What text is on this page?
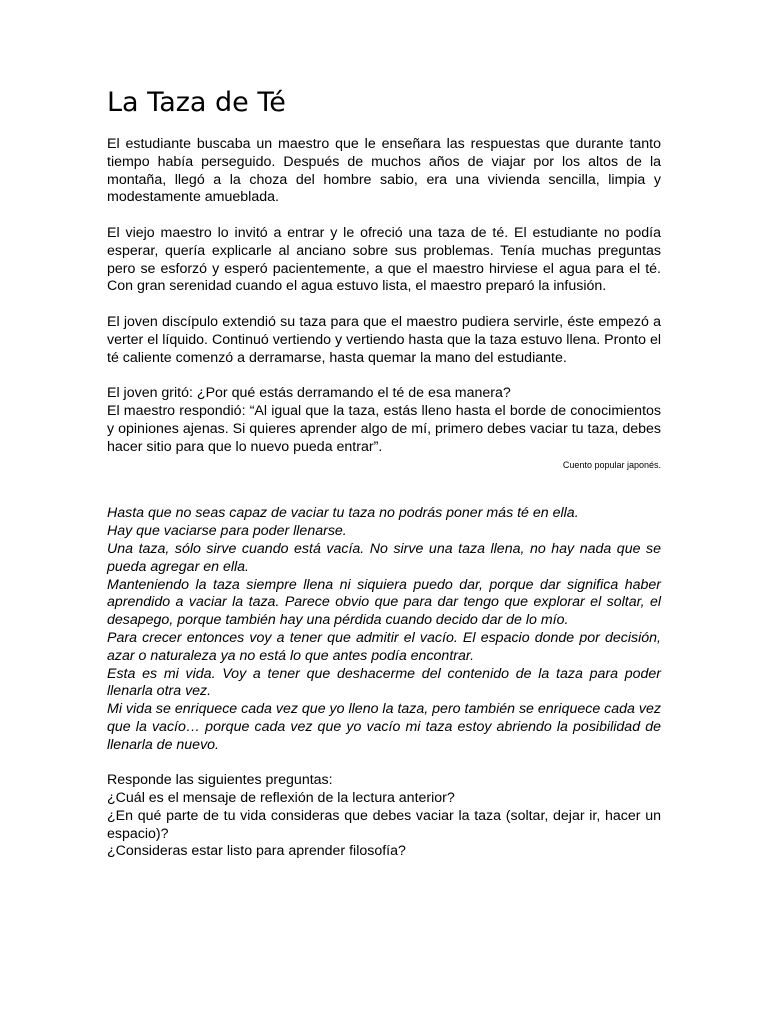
La Taza de Té

El estudiante buscaba un maestro que le enseñara las respuestas que durante tanto tiempo había perseguido. Después de muchos años de viajar por los altos de la montaña, llegó a la choza del hombre sabio, era una vivienda sencilla, limpia y modestamente amueblada.

El viejo maestro lo invitó a entrar y le ofreció una taza de té. El estudiante no podía esperar, quería explicarle al anciano sobre sus problemas. Tenía muchas preguntas pero se esforzó y esperó pacientemente, a que el maestro hirviese el agua para el té. Con gran serenidad cuando el agua estuvo lista, el maestro preparó la infusión.

El joven discípulo extendió su taza para que el maestro pudiera servirle, éste empezó a verter el líquido. Continuó vertiendo y vertiendo hasta que la taza estuvo llena. Pronto el té caliente comenzó a derramarse, hasta quemar la mano del estudiante.

El joven gritó: ¿Por qué estás derramando el té de esa manera?

El maestro respondió: “Al igual que la taza, estás lleno hasta el borde de conocimientos y opiniones ajenas. Si quieres aprender algo de mí, primero debes vaciar tu taza, debes hacer sitio para que lo nuevo pueda entrar”.

Cuento popular japonés.

Hasta que no seas capaz de vaciar tu taza no podrás poner más té en ella.

Hay que vaciarse para poder llenarse.

Una taza, sólo sirve cuando está vacía. No sirve una taza llena, no hay nada que se pueda agregar en ella.

Manteniendo la taza siempre llena ni siquiera puedo dar, porque dar significa haber aprendido a vaciar la taza. Parece obvio que para dar tengo que explorar el soltar, el desapego, porque también hay una pérdida cuando decido dar de lo mío.

Para crecer entonces voy a tener que admitir el vacío. El espacio donde por decisión, azar o naturaleza ya no está lo que antes podía encontrar.

Esta es mi vida. Voy a tener que deshacerme del contenido de la taza para poder llenarla otra vez.

Mi vida se enriquece cada vez que yo lleno la taza, pero también se enriquece cada vez que la vacío… porque cada vez que yo vacío mi taza estoy abriendo la posibilidad de llenarla de nuevo.

Responde las siguientes preguntas:

¿Cuál es el mensaje de reflexión de la lectura anterior?

¿En qué parte de tu vida consideras que debes vaciar la taza (soltar, dejar ir, hacer un espacio)?

¿Consideras estar listo para aprender filosofía?
